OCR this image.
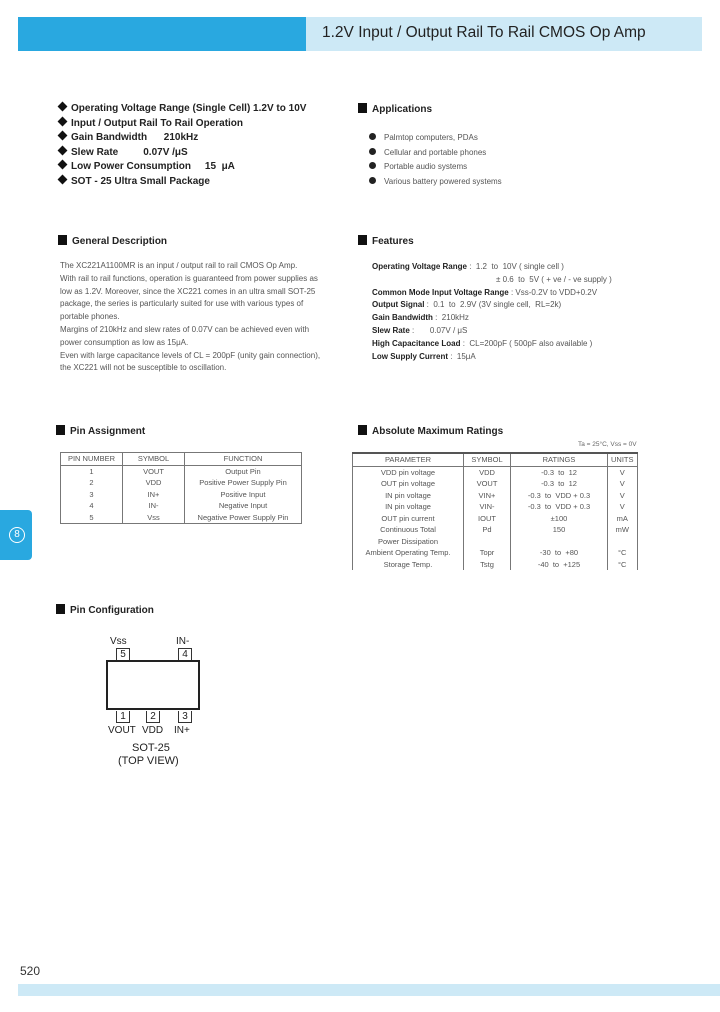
1.2V Input / Output Rail To Rail CMOS Op Amp
Operating Voltage Range (Single Cell) 1.2V to 10V
Input / Output Rail To Rail Operation
Gain Bandwidth      210kHz
Slew Rate         0.07V /μS
Low Power Consumption     15  μA
SOT - 25 Ultra Small Package
Applications
Palmtop computers, PDAs
Cellular and portable phones
Portable audio systems
Various battery powered systems
General Description
The XC221A1100MR is an input / output rail to rail CMOS Op Amp.
With rail to rail functions, operation is guaranteed from power supplies as
low as 1.2V. Moreover, since the XC221 comes in an ultra small SOT-25
package, the series is particularly suited for use with various types of
portable phones.
Margins of 210kHz and slew rates of 0.07V can be achieved even with
power consumption as low as 15μA.
Even with large capacitance levels of CL = 200pF (unity gain connection),
the XC221 will not be susceptible to oscillation.
Features
Operating Voltage Range :  1.2  to  10V ( single cell )
± 0.6  to  5V ( + ve / - ve supply )
Common Mode Input Voltage Range : Vss-0.2V to VDD+0.2V
Output Signal :  0.1  to  2.9V (3V single cell,  RL=2k)
Gain Bandwidth :  210kHz
Slew Rate :       0.07V / μS
High Capacitance Load :  CL=200pF ( 500pF also available )
Low Supply Current :  15μA
Pin Assignment
PIN NUMBER	SYMBOL	FUNCTION
1	VOUT	Output Pin
2	VDD	Positive Power Supply Pin
3	IN+	Positive Input
4	IN-	Negative Input
5	Vss	Negative Power Supply Pin
Absolute Maximum Ratings
Ta = 25°C, Vss = 0V
PARAMETER	SYMBOL	RATINGS	UNITS
VDD pin voltage	VDD	-0.3  to  12	V
OUT pin voltage	VOUT	-0.3  to  12	V
IN pin voltage	VIN+	-0.3  to  VDD + 0.3	V
IN pin voltage	VIN-	-0.3  to  VDD + 0.3	V
OUT pin current	IOUT	±100	mA
Continuous Total	Pd	150	mW
Power Dissipation			
Ambient Operating Temp.	Topr	-30  to  +80	°C
Storage Temp.	Tstg	-40  to  +125	°C
8
Pin Configuration
Vss	IN-
5	4
1	2	3
VOUT VDD IN+
SOT-25
(TOP VIEW)
520
